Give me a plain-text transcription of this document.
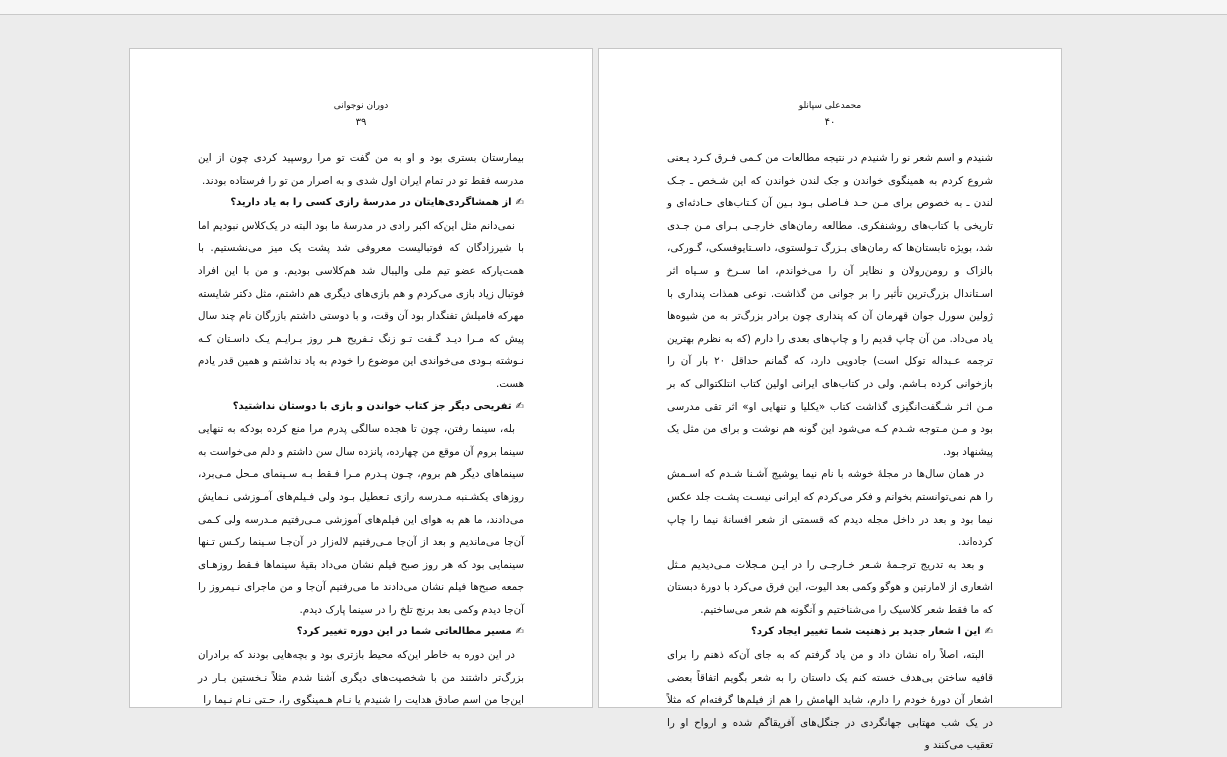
دوران نوجوانی
۳۹

بیمارستان بستری بود و او به من گفت تو مرا روسپید کردی چون از این مدرسه فقط تو در تمام ایران اول شدی و به اصرار من تو را فرستاده بودند.

✍از همشاگردی‌هایتان در مدرسهٔ رازی کسی را به یاد دارید؟

نمی‌دانم مثل این‌که اکبر رادی در مدرسهٔ ما بود البته در یک‌کلاس نبودیم اما با شیرزادگان که فوتبالیست معروفی شد پشت یک میز می‌نشستیم. با همت‌یارکه عضو تیم ملی والیبال شد هم‌کلاسی بودیم. و من با این افراد فوتبال زیاد بازی می‌کردم و هم بازی‌های دیگری هم داشتم، مثل دکتر شایسته مهرکه فامیلش تفنگدار بود آن وقت، و با دوستی داشتم بازرگان نام چند سال پیش که مـرا دیـد گـفت تـو زنگ تـفریح هـر روز بـرایـم یـک داسـتان کـه نـوشته بـودی می‌خواندی این موضوع را خودم به یاد نداشتم و همین قدر یادم هست.

✍تفریحی دیگر جز کتاب خواندن و بازی با دوستان نداشتید؟

بله، سینما رفتن، چون تا هجده سالگی پدرم مرا منع کرده بودکه به تنهایی سینما بروم آن موقع من چهارده، پانزده سال سن داشتم و دلم می‌خواست به سینماهای دیگر هم بروم، چـون پـدرم مـرا فـقط بـه سـینمای مـحل مـی‌برد، روزهای یکشـنبه مـدرسه رازی تـعطیل بـود ولی فـیلم‌های آمـوزشی نـمایش می‌دادند، ما هم به هوای این فیلم‌های آموزشی مـی‌رفتیم مـدرسه ولی کـمی آن‌جا می‌ماندیم و بعد از آن‌جا مـی‌رفتیم لاله‌زار در آن‌جـا سـینما رکـس تـنها سینمایی بود که هر روز صبح فیلم نشان می‌داد بقیهٔ سینماها فـقط روزهـای جمعه صبح‌ها فیلم نشان می‌دادند ما می‌رفتیم آن‌جا و من ماجرای نـیمروز را آن‌جا دیدم وکمی بعد برنج تلخ را در سینما پارک دیدم.

✍مسیر مطالعاتی شما در این دوره تغییر کرد؟

در این دوره به خاطر این‌که محیط بازتری بود و بچه‌هایی بودند که برادران بزرگ‌تر داشتند من با شخصیت‌های دیگری آشنا شدم مثلاً نـخستین بـار در این‌جا من اسم صادق هدایت را شنیدم یا نـام هـمینگوی را، حـتی نـام نـیما را

محمدعلی سپانلو
۴۰

شنیدم و اسم شعر نو را شنیدم در نتیجه مطالعات من کـمی فـرق کـرد یـعنی شروع کردم به همینگوی خواندن و جک لندن خواندن که این شـخص ـ جـک لندن ـ به خصوص برای مـن حـد فـاصلی بـود بـین آن کـتاب‌های حـادثه‌ای و تاریخی با کتاب‌های روشنفکری. مطالعه رمان‌های خارجـی بـرای مـن جـدی شد، بویژه تابستان‌ها که رمان‌های بـزرگ تـولستوی، داسـتایوفسکی، گـورکی، بالزاک و رومن‌رولان و نظایر آن را می‌خواندم، اما سـرخ و سـیاه اثر اسـتاندال بزرگ‌ترین تأثیر را بر جوانی من گذاشت. نوعی همذات پنداری با ژولین سورل جوان قهرمان آن که پنداری چون برادر بزرگ‌تر به من شیوه‌ها یاد می‌داد. من آن چاپ قدیم را و چاپ‌های بعدی را دارم (که به نظرم بهترین ترجمه عـبداله توکل است) جادویی دارد، که گمانم حداقل ۲۰ بار آن را بازخوانی کرده بـاشم. ولی در کتاب‌های ایرانی اولین کتاب انتلکتوالی که بر مـن اثـر شـگفت‌انگیزی گذاشت کتاب «یکلیا و تنهایی او» اثر تقی مدرسی بود و مـن مـتوجه شـدم کـه می‌شود این گونه هم نوشت و برای من مثل یک پیشنهاد بود.

در همان سال‌ها در مجلهٔ خوشه با نام نیما یوشیج آشـنا شـدم که اسـمش را هم نمی‌توانستم بخوانم و فکر می‌کردم که ایرانی نیسـت پشـت جلد عکس نیما بود و بعد در داخل مجله دیدم که قسمتی از شعر افسانهٔ نیما را چاپ کرده‌اند.

و بعد به تدریج ترجـمهٔ شـعر خـارجـی را در ایـن مـجلات مـی‌دیدیم مـثل اشعاری از لامارتین و هوگو وکمی بعد الیوت، این فرق می‌کرد با دورهٔ دبستان که ما فقط شعر کلاسیک را می‌شناختیم و آنگونه هم شعر می‌ساختیم.

✍این ا شعار جدید بر ذهنیت شما تغییر ایجاد کرد؟

البته، اصلاً راه نشان داد و من یاد گرفتم که به جای آن‌که ذهنم را برای قافیه ساختن بی‌هدف خسته کنم یک داستان را به شعر بگویم اتفاقاً بعضی اشعار آن دورهٔ خودم را دارم، شاید الهامش را هم از فیلم‌ها گرفته‌ام که مثلاً در یک شب مهتابی جهانگردی در جنگل‌های آفریقاگم شده و ارواح او را تعقیب می‌کنند و
